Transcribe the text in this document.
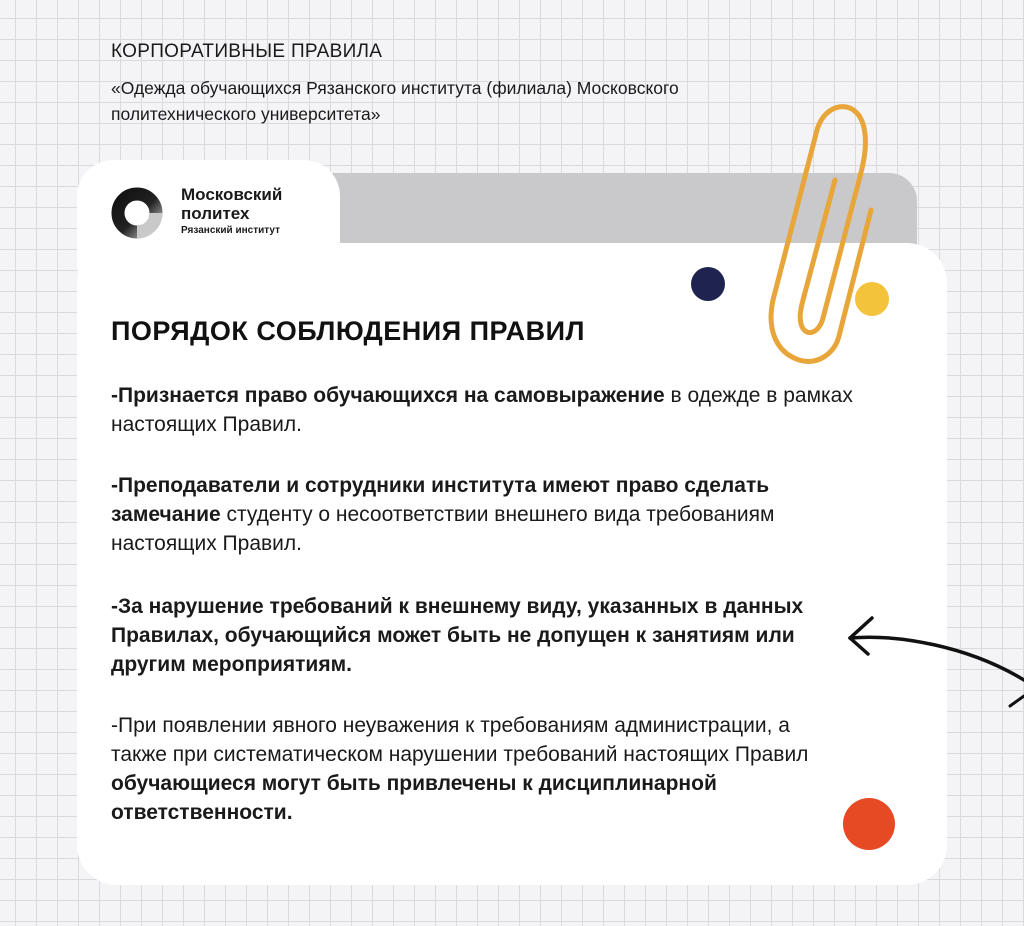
КОРПОРАТИВНЫЕ ПРАВИЛА
«Одежда обучающихся Рязанского института (филиала) Московского политехнического университета»
Московский
политех
Рязанский институт
ПОРЯДОК СОБЛЮДЕНИЯ ПРАВИЛ

-Признается право обучающихся на самовыражение в одежде в рамках настоящих Правил.

-Преподаватели и сотрудники института имеют право сделать замечание студенту о несоответствии внешнего вида требованиям настоящих Правил.

-За нарушение требований к внешнему виду, указанных в данных Правилах, обучающийся может быть не допущен к занятиям или другим мероприятиям.

-При появлении явного неуважения к требованиям администрации, а также при систематическом нарушении требований настоящих Правил обучающиеся могут быть привлечены к дисциплинарной ответственности.
